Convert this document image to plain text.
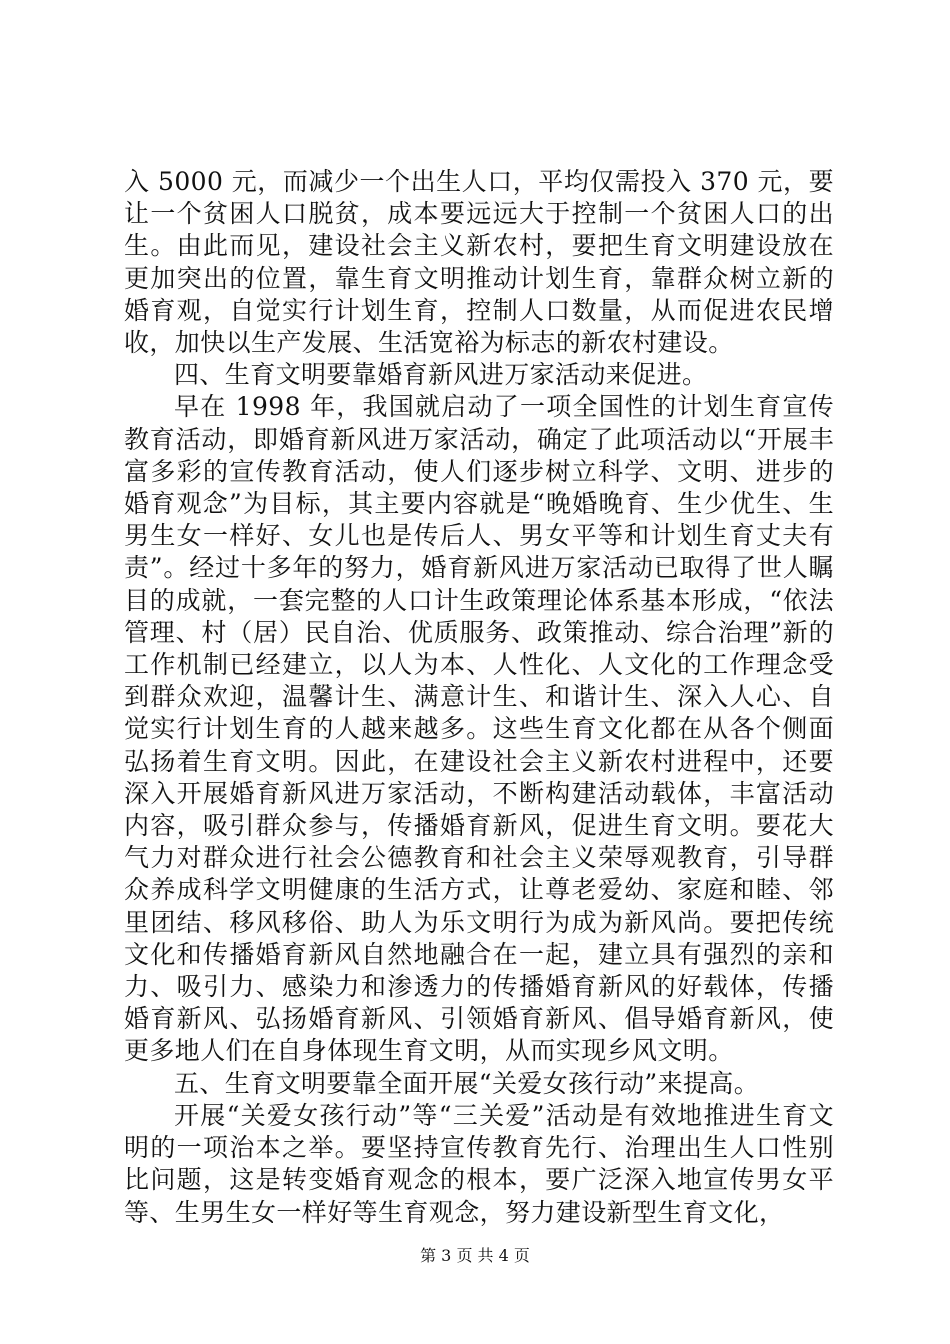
入 5000 元，而减少一个出生人口，平均仅需投入 370 元，要让一个贫困人口脱贫，成本要远远大于控制一个贫困人口的出生。由此而见，建设社会主义新农村，要把生育文明建设放在更加突出的位置，靠生育文明推动计划生育，靠群众树立新的婚育观，自觉实行计划生育，控制人口数量，从而促进农民增收，加快以生产发展、生活宽裕为标志的新农村建设。

四、生育文明要靠婚育新风进万家活动来促进。

早在 1998 年，我国就启动了一项全国性的计划生育宣传教育活动，即婚育新风进万家活动，确定了此项活动以“开展丰富多彩的宣传教育活动，使人们逐步树立科学、文明、进步的婚育观念”为目标，其主要内容就是“晚婚晚育、生少优生、生男生女一样好、女儿也是传后人、男女平等和计划生育丈夫有责”。经过十多年的努力，婚育新风进万家活动已取得了世人瞩目的成就，一套完整的人口计生政策理论体系基本形成，“依法管理、村（居）民自治、优质服务、政策推动、综合治理”新的工作机制已经建立，以人为本、人性化、人文化的工作理念受到群众欢迎，温馨计生、满意计生、和谐计生、深入人心、自觉实行计划生育的人越来越多。这些生育文化都在从各个侧面弘扬着生育文明。因此，在建设社会主义新农村进程中，还要深入开展婚育新风进万家活动，不断构建活动载体，丰富活动内容，吸引群众参与，传播婚育新风，促进生育文明。要花大气力对群众进行社会公德教育和社会主义荣辱观教育，引导群众养成科学文明健康的生活方式，让尊老爱幼、家庭和睦、邻里团结、移风移俗、助人为乐文明行为成为新风尚。要把传统文化和传播婚育新风自然地融合在一起，建立具有强烈的亲和力、吸引力、感染力和渗透力的传播婚育新风的好载体，传播婚育新风、弘扬婚育新风、引领婚育新风、倡导婚育新风，使更多地人们在自身体现生育文明，从而实现乡风文明。

五、生育文明要靠全面开展“关爱女孩行动”来提高。

开展“关爱女孩行动”等“三关爱”活动是有效地推进生育文明的一项治本之举。要坚持宣传教育先行、治理出生人口性别比问题，这是转变婚育观念的根本，要广泛深入地宣传男女平等、生男生女一样好等生育观念，努力建设新型生育文化，

第 3 页 共 4 页
